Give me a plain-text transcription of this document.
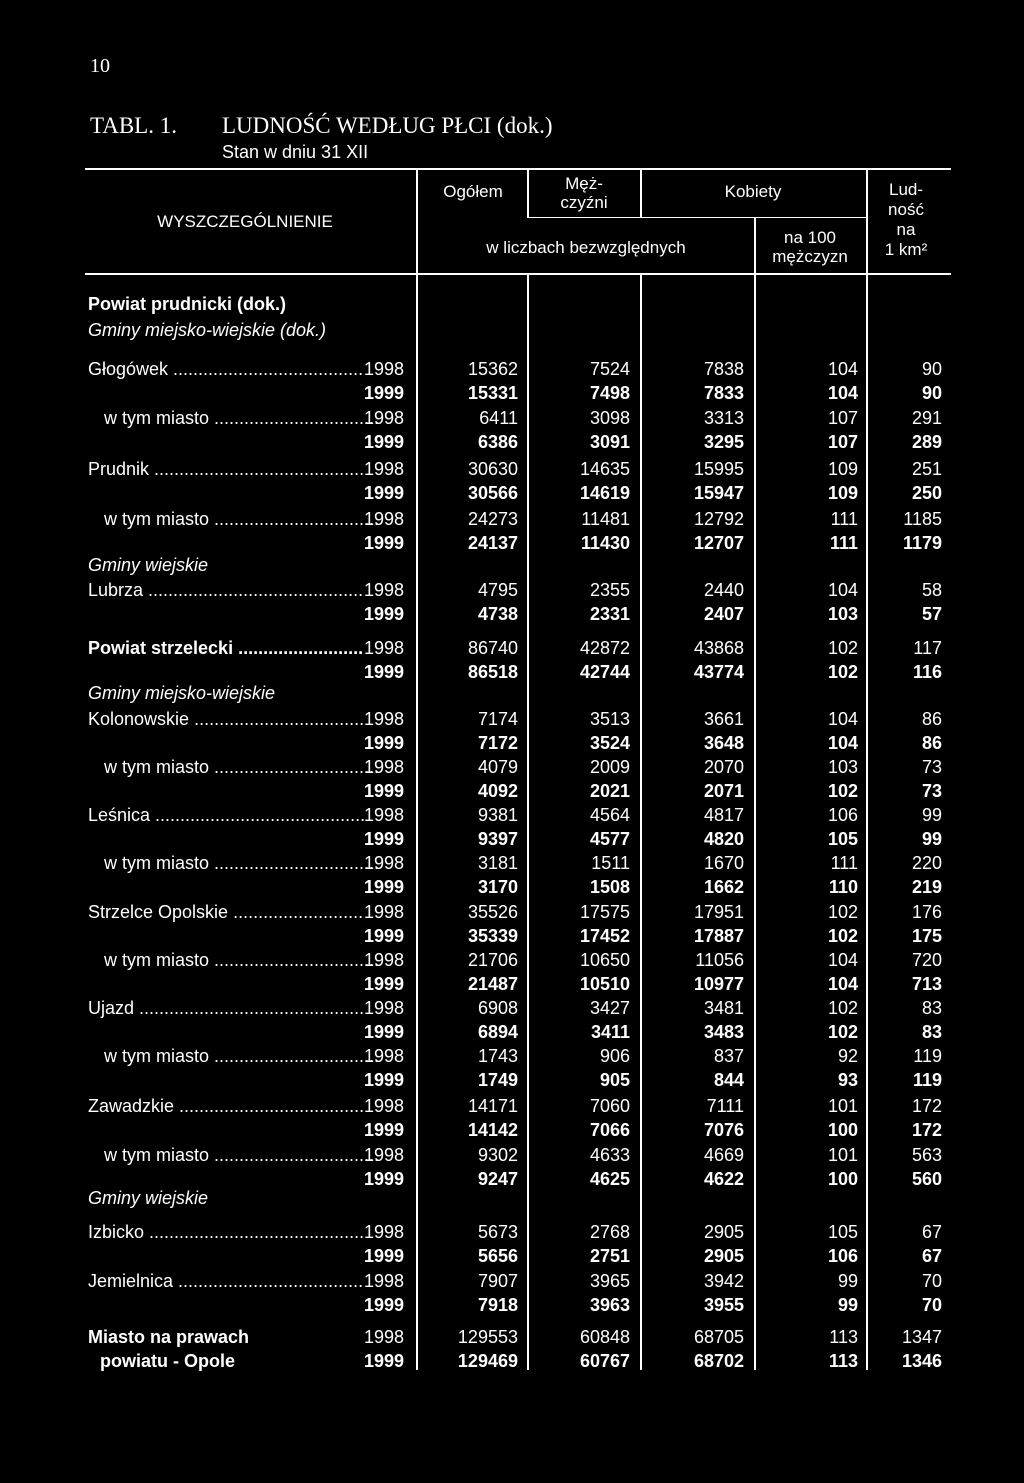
10
TABL. 1. LUDNOŚĆ WEDŁUG PŁCI (dok.)
Stan w dniu 31 XII
WYSZCZEGÓLNIENIE
Ogółem	Męż-
czyźni
Kobiety
w liczbach bezwzględnych
na 100
mężczyzn
Lud-
ność
na
1 km²
Powiat prudnicki (dok.)
Gminy miejsko-wiejskie (dok.)
Gminy wiejskie
Gminy miejsko-wiejskie
Gminy wiejskie
Głogówek .....	1998	15362	7524	7838	104	90
1999	15331	7498	7833	104	90
w tym miasto .....	1998	6411	3098	3313	107	291
1999	6386	3091	3295	107	289
Prudnik .....	1998	30630	14635	15995	109	251
1999	30566	14619	15947	109	250
w tym miasto .....	1998	24273	11481	12792	111	1185
1999	24137	11430	12707	111	1179
Lubrza .....	1998	4795	2355	2440	104	58
1999	4738	2331	2407	103	57
Powiat strzelecki .....	1998	86740	42872	43868	102	117
1999	86518	42744	43774	102	116
Kolonowskie .....	1998	7174	3513	3661	104	86
1999	7172	3524	3648	104	86
w tym miasto .....	1998	4079	2009	2070	103	73
1999	4092	2021	2071	102	73
Leśnica .....	1998	9381	4564	4817	106	99
1999	9397	4577	4820	105	99
w tym miasto .....	1998	3181	1511	1670	111	220
1999	3170	1508	1662	110	219
Strzelce Opolskie .....	1998	35526	17575	17951	102	176
1999	35339	17452	17887	102	175
w tym miasto .....	1998	21706	10650	11056	104	720
1999	21487	10510	10977	104	713
Ujazd .....	1998	6908	3427	3481	102	83
1999	6894	3411	3483	102	83
w tym miasto .....	1998	1743	906	837	92	119
1999	1749	905	844	93	119
Zawadzkie .....	1998	14171	7060	7111	101	172
1999	14142	7066	7076	100	172
w tym miasto .....	1998	9302	4633	4669	101	563
1999	9247	4625	4622	100	560
Izbicko .....	1998	5673	2768	2905	105	67
1999	5656	2751	2905	106	67
Jemielnica .....	1998	7907	3965	3942	99	70
1999	7918	3963	3955	99	70
Miasto na prawach	1998	129553	60848	68705	113	1347
powiatu - Opole	1999	129469	60767	68702	113	1346
